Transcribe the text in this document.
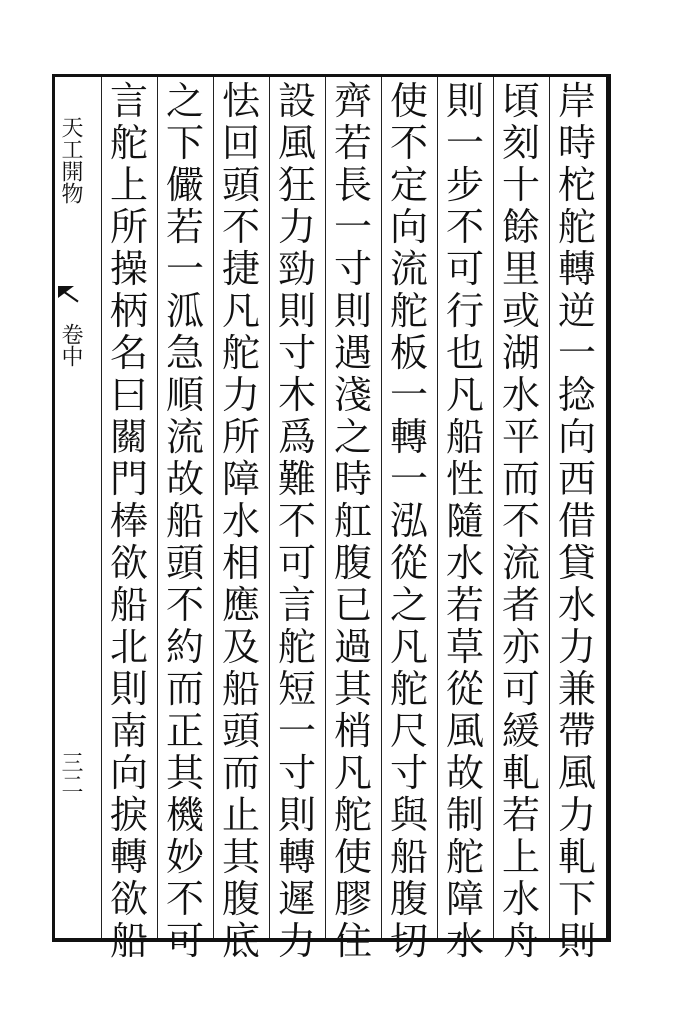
天工開物
卷中
三二
岸
時
柁
舵
轉
逆
一
捻
向
西
借
貸
水
力
兼
帶
風
力
軋
下
則
頃
刻
十
餘
里
或
湖
水
平
而
不
流
者
亦
可
緩
軋
若
上
水
舟
則
一
步
不
可
行
也
凡
船
性
隨
水
若
草
從
風
故
制
舵
障
水
使
不
定
向
流
舵
板
一
轉
一
泓
從
之
凡
舵
尺
寸
與
船
腹
切
齊
若
長
一
寸
則
遇
淺
之
時
舡
腹
已
過
其
梢
凡
舵
使
膠
住
設
風
狂
力
勁
則
寸
木
爲
難
不
可
言
舵
短
一
寸
則
轉
遲
力
怯
回
頭
不
捷
凡
舵
力
所
障
水
相
應
及
船
頭
而
止
其
腹
底
之
下
儼
若
一
泒
急
順
流
故
船
頭
不
約
而
正
其
機
妙
不
可
言
舵
上
所
操
柄
名
曰
關
門
棒
欲
船
北
則
南
向
捩
轉
欲
船
